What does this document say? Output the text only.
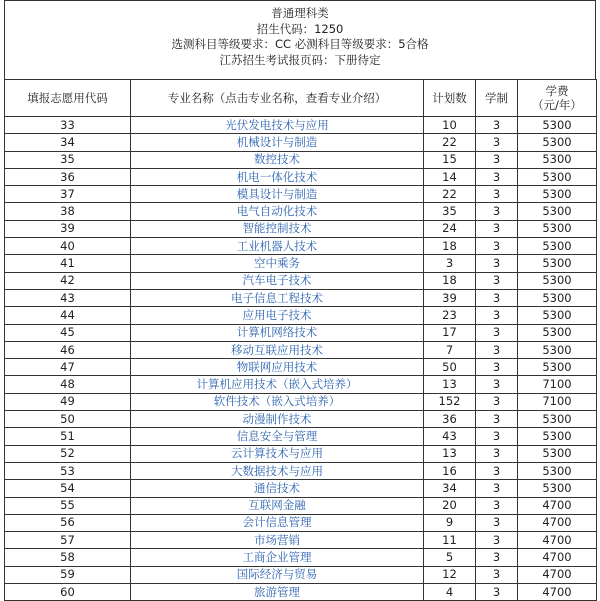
普通理科类
招生代码：1250
选测科目等级要求：CC 必测科目等级要求：5合格
江苏招生考试报页码：下册待定
填报志愿用代码	专业名称（点击专业名称，查看专业介绍）	计划数	学制	学费
（元/年）

33	光伏发电技术与应用	10	3	5300
34	机械设计与制造	22	3	5300
35	数控技术	15	3	5300
36	机电一体化技术	14	3	5300
37	模具设计与制造	22	3	5300
38	电气自动化技术	35	3	5300
39	智能控制技术	24	3	5300
40	工业机器人技术	18	3	5300
41	空中乘务	3	3	5300
42	汽车电子技术	18	3	5300
43	电子信息工程技术	39	3	5300
44	应用电子技术	23	3	5300
45	计算机网络技术	17	3	5300
46	移动互联应用技术	7	3	5300
47	物联网应用技术	50	3	5300
48	计算机应用技术（嵌入式培养）	13	3	7100
49	软件技术（嵌入式培养）	152	3	7100
50	动漫制作技术	36	3	5300
51	信息安全与管理	43	3	5300
52	云计算技术与应用	13	3	5300
53	大数据技术与应用	16	3	5300
54	通信技术	34	3	5300
55	互联网金融	20	3	4700
56	会计信息管理	9	3	4700
57	市场营销	11	3	4700
58	工商企业管理	5	3	4700
59	国际经济与贸易	12	3	4700
60	旅游管理	4	3	4700
